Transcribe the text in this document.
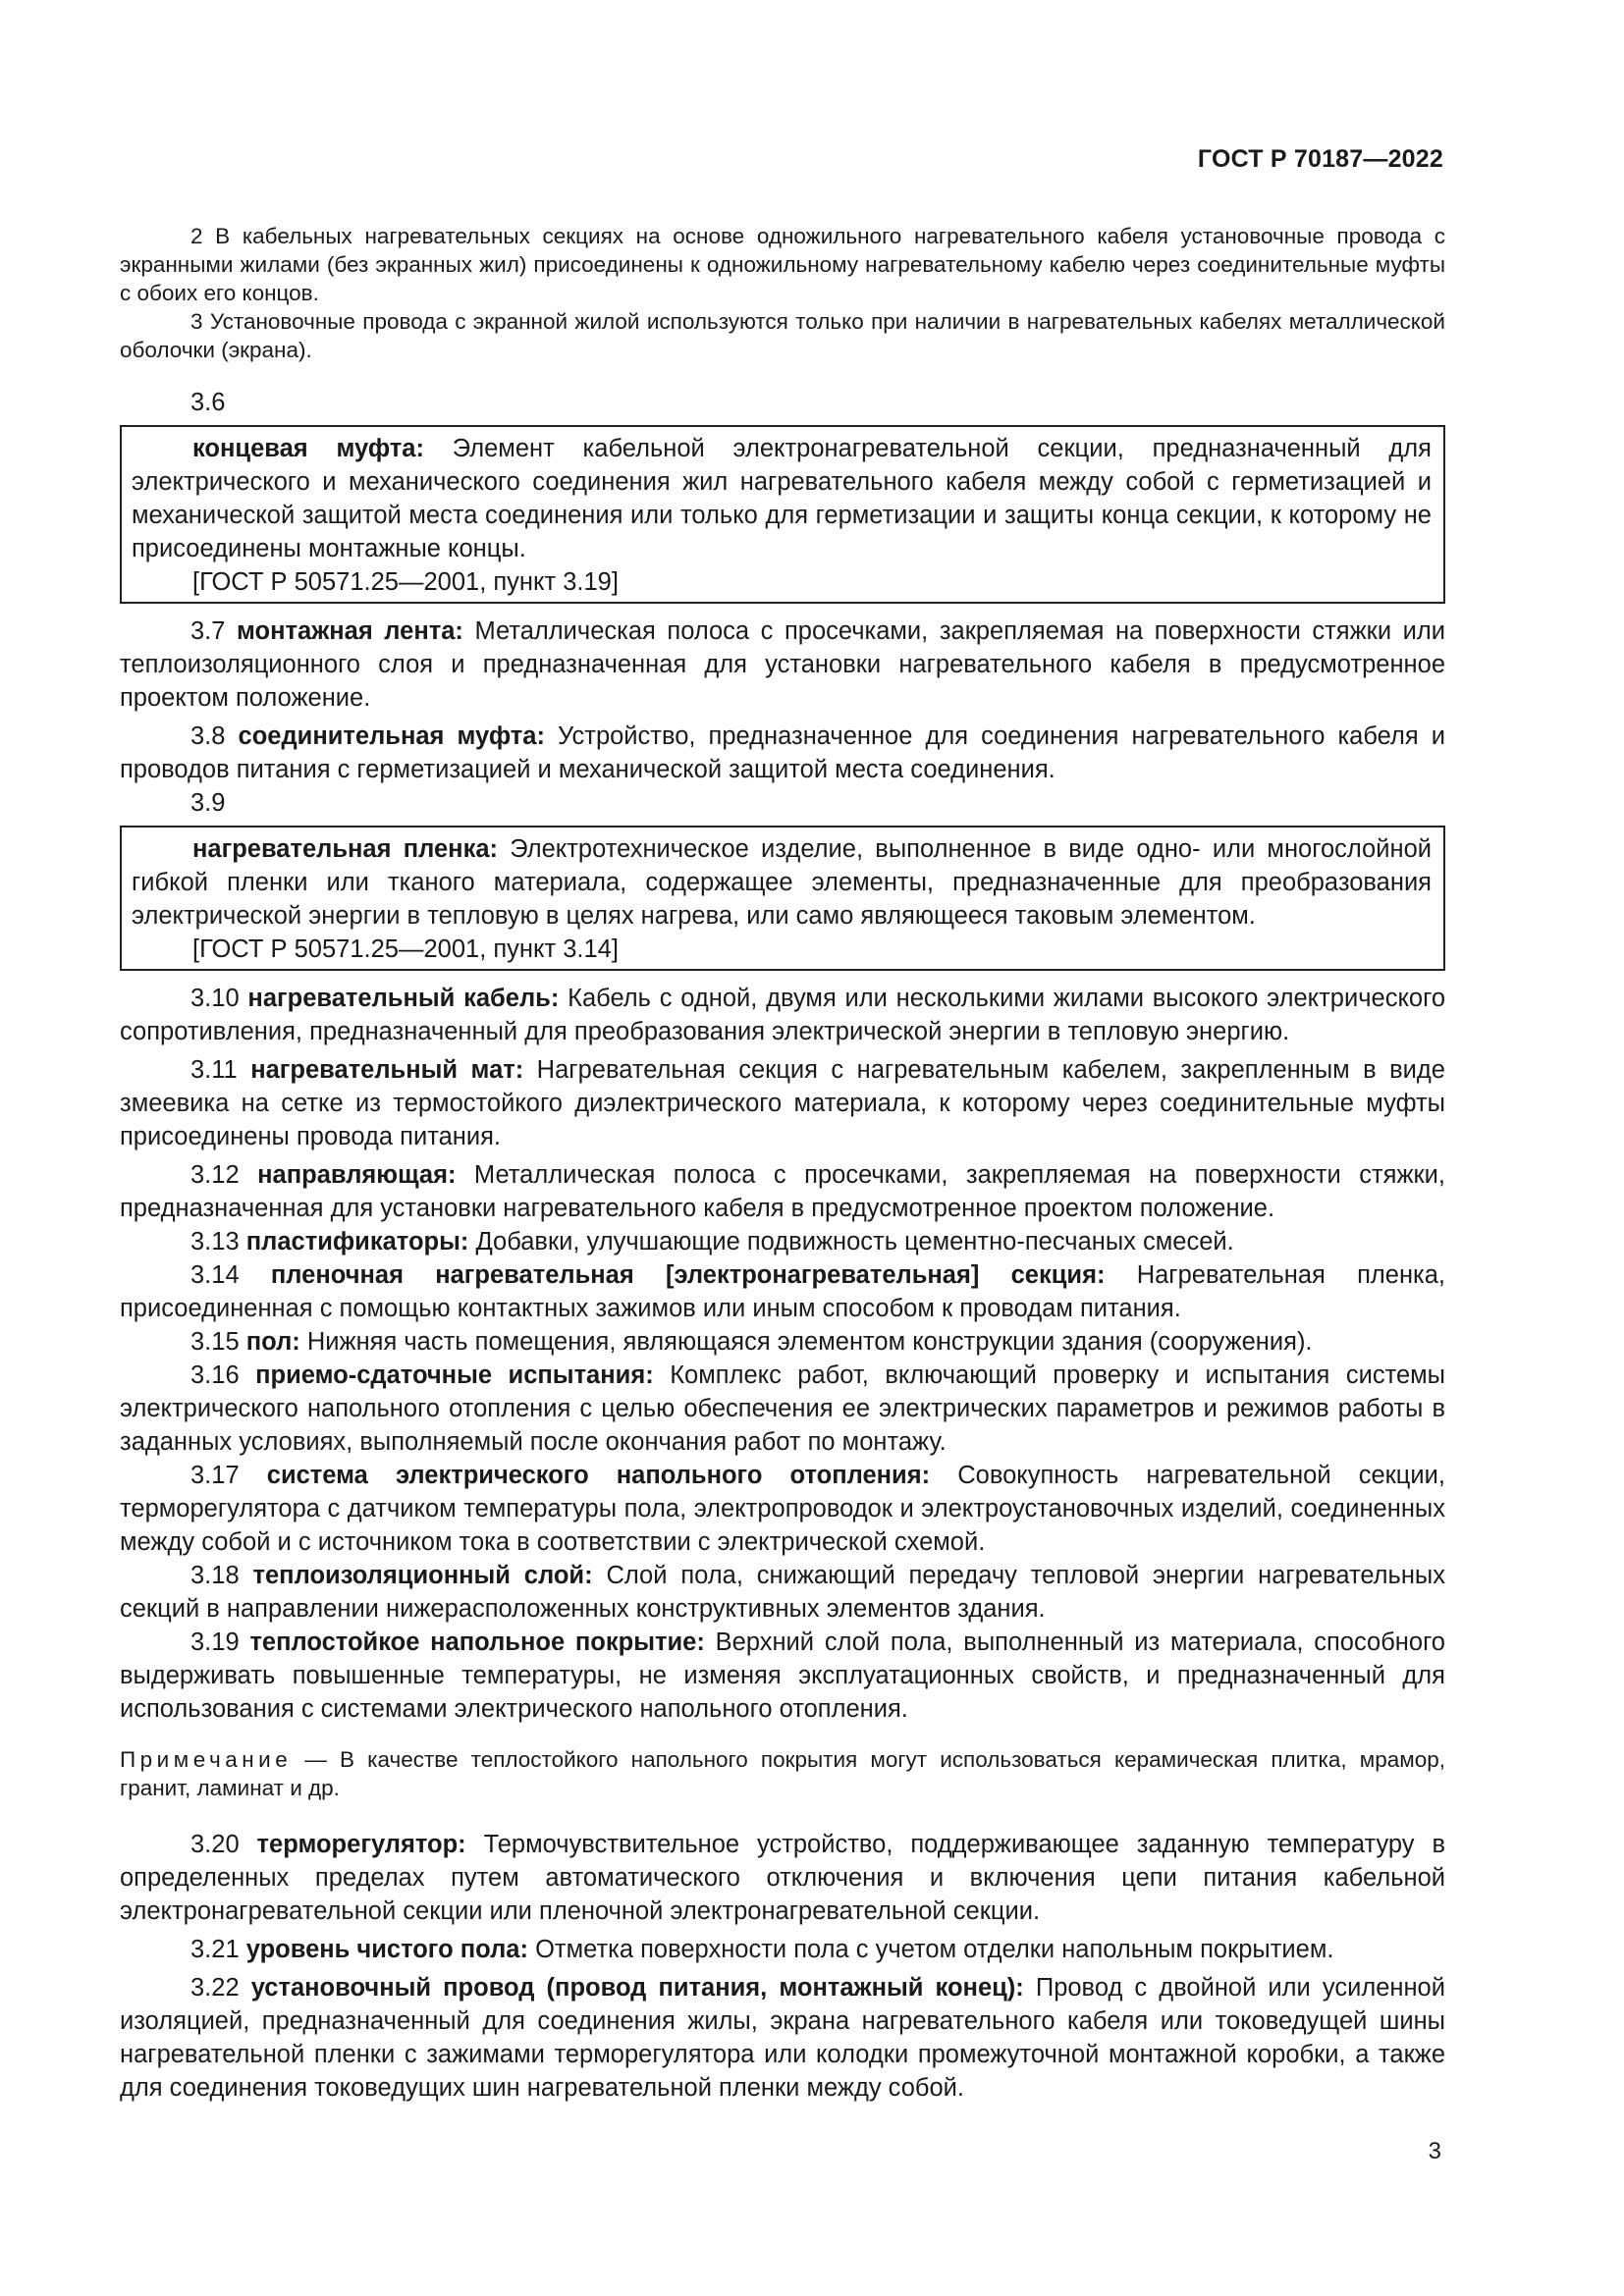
ГОСТ Р 70187—2022

2 В кабельных нагревательных секциях на основе одножильного нагревательного кабеля установочные провода с экранными жилами (без экранных жил) присоединены к одножильному нагревательному кабелю через соединительные муфты с обоих его концов.

3 Установочные провода с экранной жилой используются только при наличии в нагревательных кабелях металлической оболочки (экрана).

3.6

концевая муфта: Элемент кабельной электронагревательной секции, предназначенный для электрического и механического соединения жил нагревательного кабеля между собой с герметизацией и механической защитой места соединения или только для герметизации и защиты конца секции, к которому не присоединены монтажные концы.

[ГОСТ Р 50571.25—2001, пункт 3.19]

3.7 монтажная лента: Металлическая полоса с просечками, закрепляемая на поверхности стяжки или теплоизоляционного слоя и предназначенная для установки нагревательного кабеля в предусмотренное проектом положение.

3.8 соединительная муфта: Устройство, предназначенное для соединения нагревательного кабеля и проводов питания с герметизацией и механической защитой места соединения.

3.9

нагревательная пленка: Электротехническое изделие, выполненное в виде одно- или многослойной гибкой пленки или тканого материала, содержащее элементы, предназначенные для преобразования электрической энергии в тепловую в целях нагрева, или само являющееся таковым элементом.

[ГОСТ Р 50571.25—2001, пункт 3.14]

3.10 нагревательный кабель: Кабель с одной, двумя или несколькими жилами высокого электрического сопротивления, предназначенный для преобразования электрической энергии в тепловую энергию.

3.11 нагревательный мат: Нагревательная секция с нагревательным кабелем, закрепленным в виде змеевика на сетке из термостойкого диэлектрического материала, к которому через соединительные муфты присоединены провода питания.

3.12 направляющая: Металлическая полоса с просечками, закрепляемая на поверхности стяжки, предназначенная для установки нагревательного кабеля в предусмотренное проектом положение.

3.13 пластификаторы: Добавки, улучшающие подвижность цементно-песчаных смесей.

3.14 пленочная нагревательная [электронагревательная] секция: Нагревательная пленка, присоединенная с помощью контактных зажимов или иным способом к проводам питания.

3.15 пол: Нижняя часть помещения, являющаяся элементом конструкции здания (сооружения).

3.16 приемо-сдаточные испытания: Комплекс работ, включающий проверку и испытания системы электрического напольного отопления с целью обеспечения ее электрических параметров и режимов работы в заданных условиях, выполняемый после окончания работ по монтажу.

3.17 система электрического напольного отопления: Совокупность нагревательной секции, терморегулятора с датчиком температуры пола, электропроводок и электроустановочных изделий, соединенных между собой и с источником тока в соответствии с электрической схемой.

3.18 теплоизоляционный слой: Слой пола, снижающий передачу тепловой энергии нагревательных секций в направлении нижерасположенных конструктивных элементов здания.

3.19 теплостойкое напольное покрытие: Верхний слой пола, выполненный из материала, способного выдерживать повышенные температуры, не изменяя эксплуатационных свойств, и предназначенный для использования с системами электрического напольного отопления.

Примечание — В качестве теплостойкого напольного покрытия могут использоваться керамическая плитка, мрамор, гранит, ламинат и др.

3.20 терморегулятор: Термочувствительное устройство, поддерживающее заданную температуру в определенных пределах путем автоматического отключения и включения цепи питания кабельной электронагревательной секции или пленочной электронагревательной секции.

3.21 уровень чистого пола: Отметка поверхности пола с учетом отделки напольным покрытием.

3.22 установочный провод (провод питания, монтажный конец): Провод с двойной или усиленной изоляцией, предназначенный для соединения жилы, экрана нагревательного кабеля или токоведущей шины нагревательной пленки с зажимами терморегулятора или колодки промежуточной монтажной коробки, а также для соединения токоведущих шин нагревательной пленки между собой.

3
